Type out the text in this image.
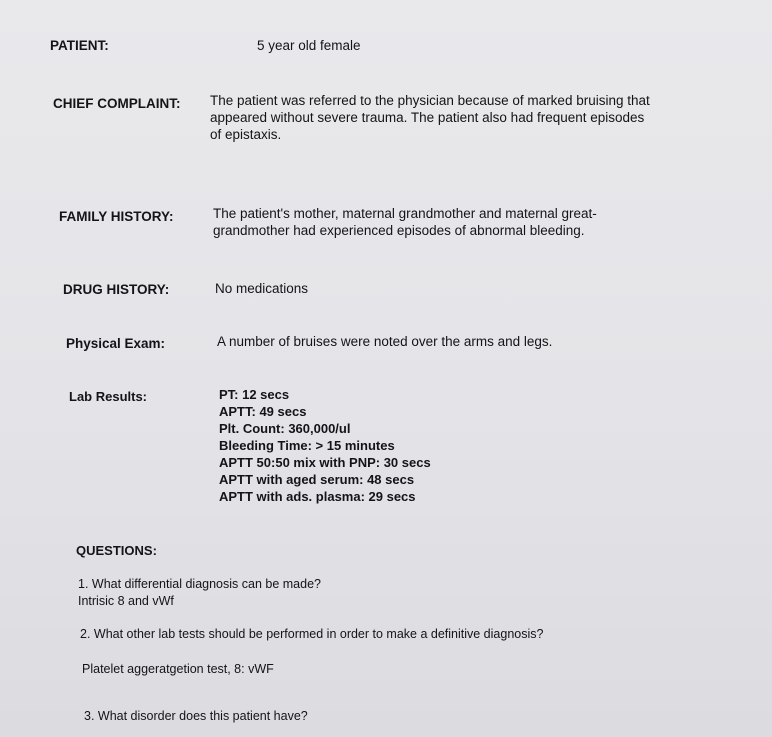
PATIENT:	5 year old female
CHIEF COMPLAINT: The patient was referred to the physician because of marked bruising that
appeared without severe trauma. The patient also had frequent episodes
of epistaxis.
FAMILY HISTORY:	The patient's mother, maternal grandmother and maternal great-
grandmother had experienced episodes of abnormal bleeding.
DRUG HISTORY:	No medications
Physical Exam:	A number of bruises were noted over the arms and legs.
Lab Results:	PT: 12 secs
APTT: 49 secs
Plt. Count: 360,000/ul
Bleeding Time: > 15 minutes
APTT 50:50 mix with PNP: 30 secs
APTT with aged serum: 48 secs
APTT with ads. plasma: 29 secs
QUESTIONS:
1. What differential diagnosis can be made?
Intrisic 8 and vWf
2. What other lab tests should be performed in order to make a definitive diagnosis?
Platelet aggeratgetion test, 8: vWF
3. What disorder does this patient have?
